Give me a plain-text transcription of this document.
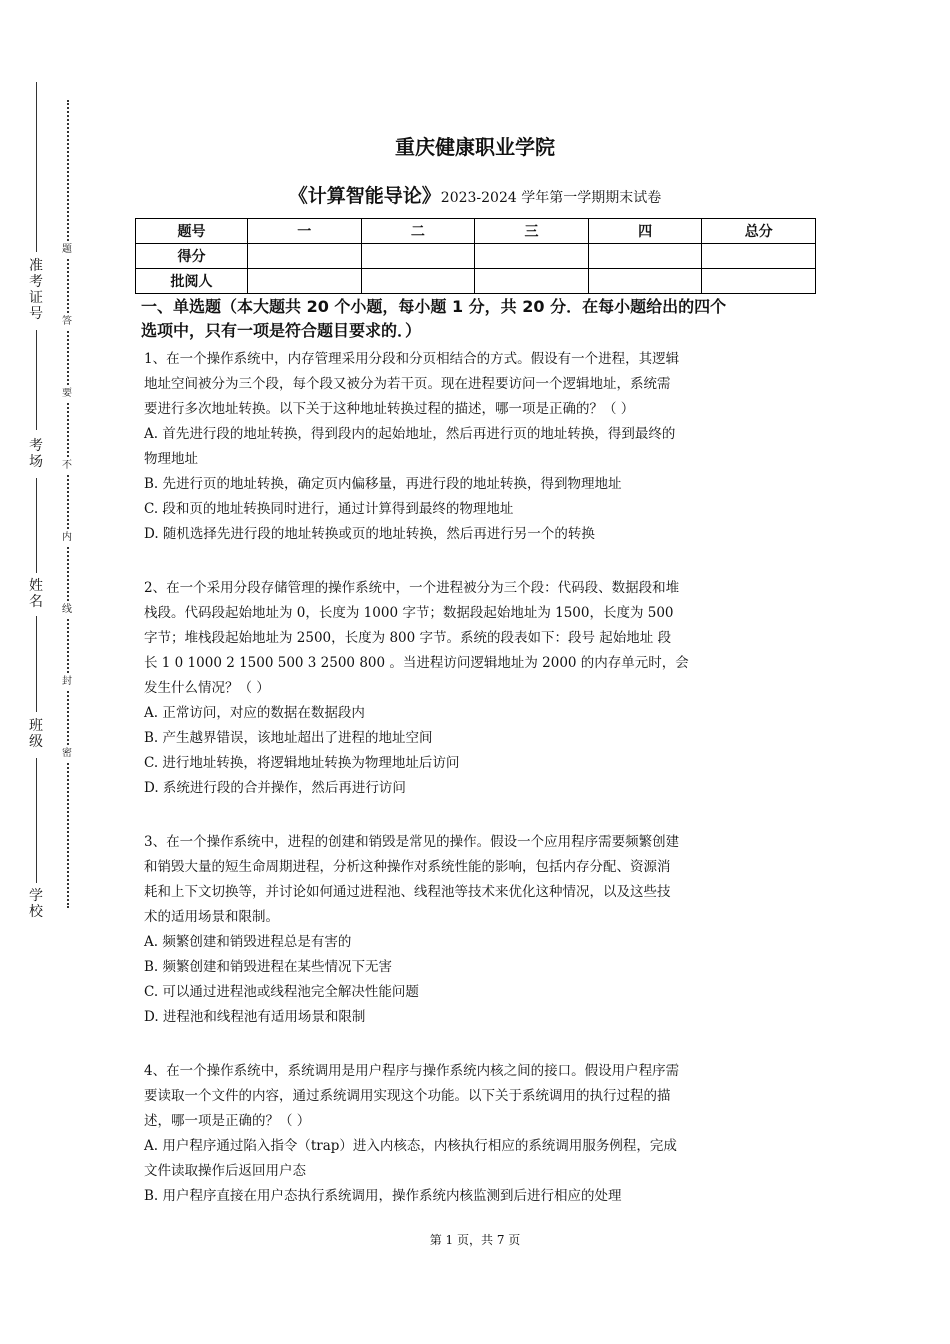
准
考
证
号
考
场
姓
名
班
级
学
校
题
答
要
不
内
线
封
密
重庆健康职业学院
《计算智能导论》2023-2024 学年第一学期期末试卷
题号	一	二	三	四	总分
得分					
批阅人					
一、单选题（本大题共 20 个小题，每小题 1 分，共 20 分．在每小题给出的四个
选项中，只有一项是符合题目要求的．）
1、在一个操作系统中，内存管理采用分段和分页相结合的方式。假设有一个进程，其逻辑
地址空间被分为三个段，每个段又被分为若干页。现在进程要访问一个逻辑地址，系统需
要进行多次地址转换。以下关于这种地址转换过程的描述，哪一项是正确的？（ ）
A. 首先进行段的地址转换，得到段内的起始地址，然后再进行页的地址转换，得到最终的
物理地址
B. 先进行页的地址转换，确定页内偏移量，再进行段的地址转换，得到物理地址
C. 段和页的地址转换同时进行，通过计算得到最终的物理地址
D. 随机选择先进行段的地址转换或页的地址转换，然后再进行另一个的转换
2、在一个采用分段存储管理的操作系统中，一个进程被分为三个段：代码段、数据段和堆
栈段。代码段起始地址为 0，长度为 1000 字节；数据段起始地址为 1500，长度为 500
字节；堆栈段起始地址为 2500，长度为 800 字节。系统的段表如下：段号 起始地址 段
长 1 0 1000 2 1500 500 3 2500 800 。当进程访问逻辑地址为 2000 的内存单元时，会
发生什么情况？（ ）
A. 正常访问，对应的数据在数据段内
B. 产生越界错误，该地址超出了进程的地址空间
C. 进行地址转换，将逻辑地址转换为物理地址后访问
D. 系统进行段的合并操作，然后再进行访问
3、在一个操作系统中，进程的创建和销毁是常见的操作。假设一个应用程序需要频繁创建
和销毁大量的短生命周期进程，分析这种操作对系统性能的影响，包括内存分配、资源消
耗和上下文切换等，并讨论如何通过进程池、线程池等技术来优化这种情况，以及这些技
术的适用场景和限制。
A. 频繁创建和销毁进程总是有害的
B. 频繁创建和销毁进程在某些情况下无害
C. 可以通过进程池或线程池完全解决性能问题
D. 进程池和线程池有适用场景和限制
4、在一个操作系统中，系统调用是用户程序与操作系统内核之间的接口。假设用户程序需
要读取一个文件的内容，通过系统调用实现这个功能。以下关于系统调用的执行过程的描
述，哪一项是正确的？（ ）
A. 用户程序通过陷入指令（trap）进入内核态，内核执行相应的系统调用服务例程，完成
文件读取操作后返回用户态
B. 用户程序直接在用户态执行系统调用，操作系统内核监测到后进行相应的处理
第 1 页，共 7 页
